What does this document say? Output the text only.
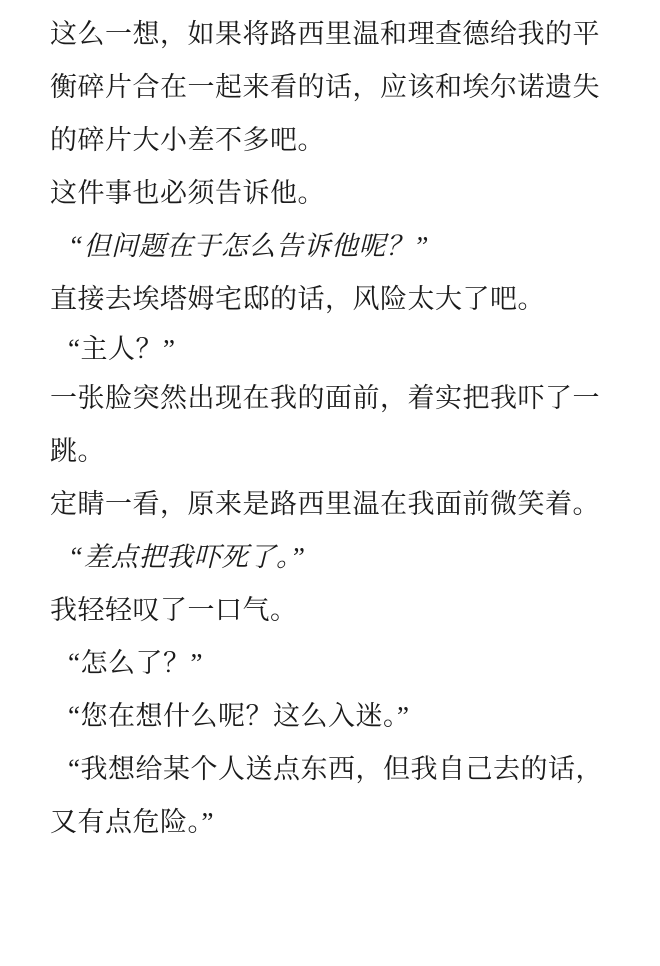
这么一想，如果将路西里温和理查德给我的平衡碎片合在一起来看的话，应该和埃尔诺遗失的碎片大小差不多吧。

这件事也必须告诉他。

“但问题在于怎么告诉他呢？”

直接去埃塔姆宅邸的话，风险太大了吧。

“主人？”

一张脸突然出现在我的面前，着实把我吓了一跳。

定睛一看，原来是路西里温在我面前微笑着。

“差点把我吓死了。”

我轻轻叹了一口气。

“怎么了？”

“您在想什么呢？这么入迷。”

“我想给某个人送点东西，但我自己去的话，又有点危险。”
